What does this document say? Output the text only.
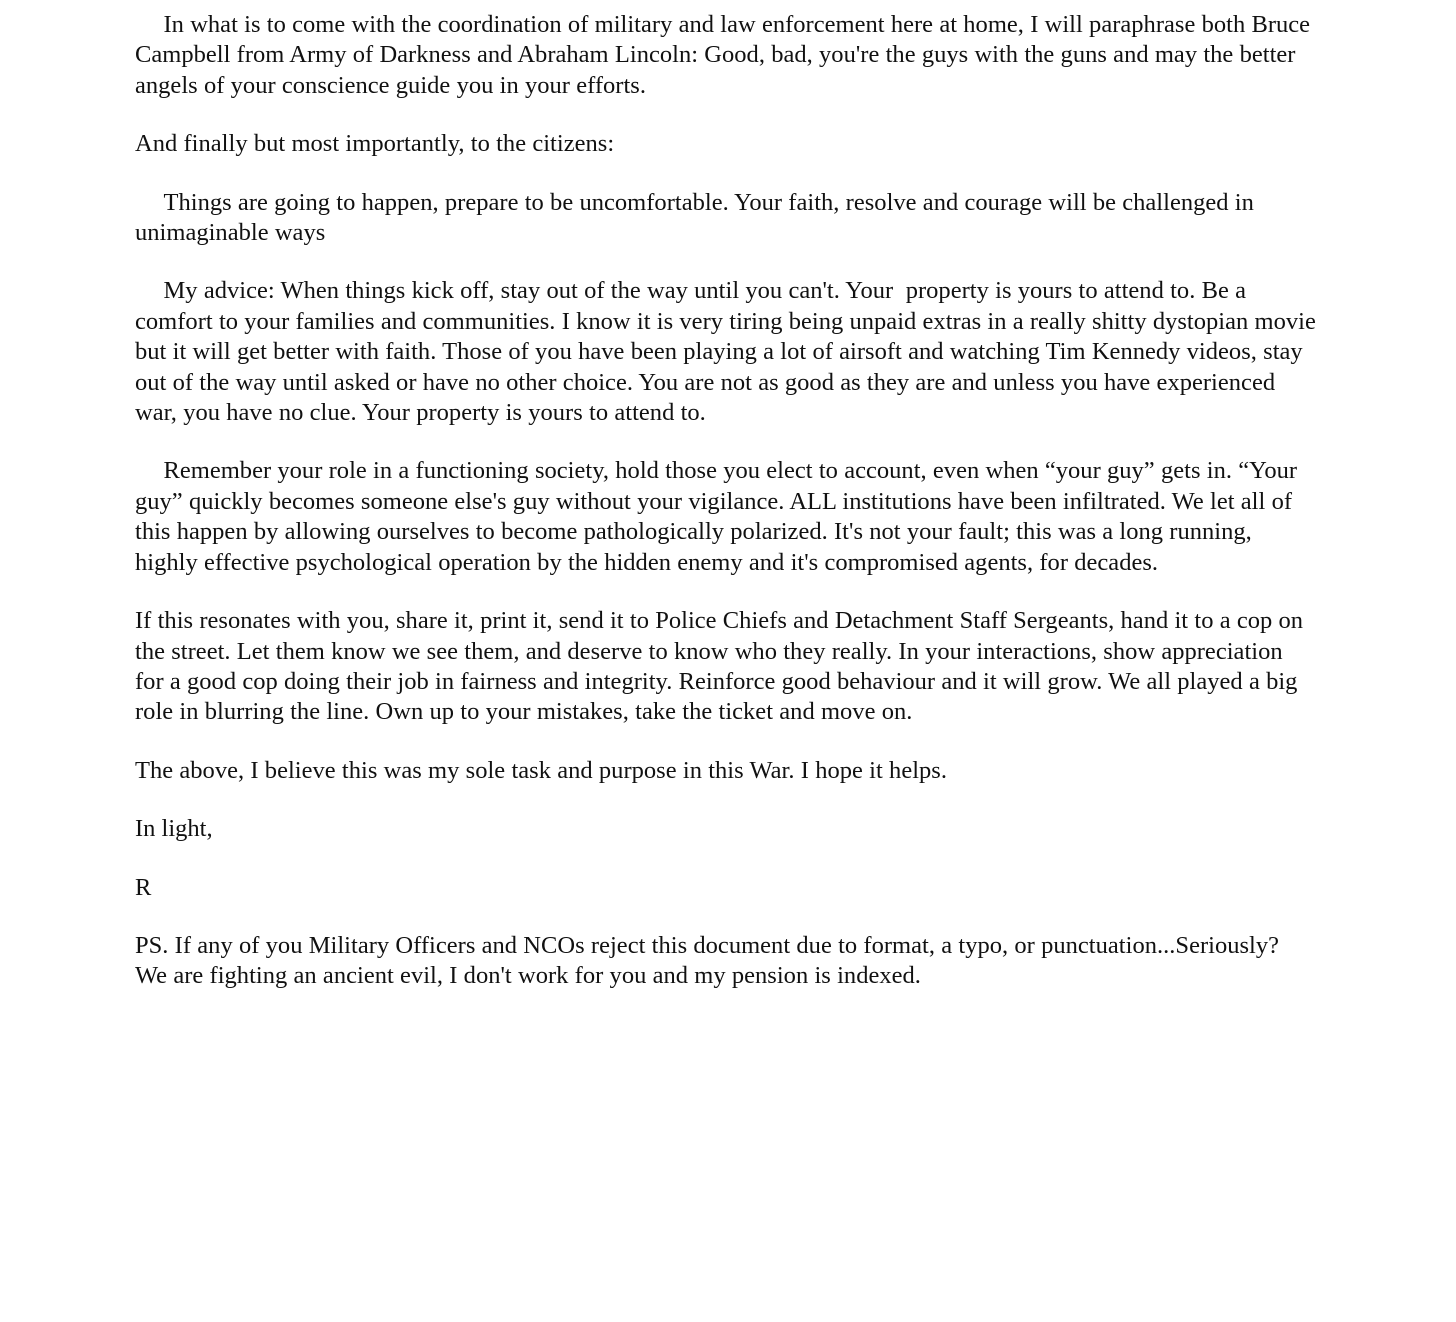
In what is to come with the coordination of military and law enforcement here at home, I will paraphrase both Bruce Campbell from Army of Darkness and Abraham Lincoln: Good, bad, you're the guys with the guns and may the better angels of your conscience guide you in your efforts.

And finally but most importantly, to the citizens:

Things are going to happen, prepare to be uncomfortable. Your faith, resolve and courage will be challenged in unimaginable ways

My advice: When things kick off, stay out of the way until you can't. Your  property is yours to attend to. Be a comfort to your families and communities. I know it is very tiring being unpaid extras in a really shitty dystopian movie but it will get better with faith. Those of you have been playing a lot of airsoft and watching Tim Kennedy videos, stay out of the way until asked or have no other choice. You are not as good as they are and unless you have experienced war, you have no clue. Your property is yours to attend to.

Remember your role in a functioning society, hold those you elect to account, even when “your guy” gets in. “Your guy” quickly becomes someone else's guy without your vigilance. ALL institutions have been infiltrated. We let all of this happen by allowing ourselves to become pathologically polarized. It's not your fault; this was a long running, highly effective psychological operation by the hidden enemy and it's compromised agents, for decades.

If this resonates with you, share it, print it, send it to Police Chiefs and Detachment Staff Sergeants, hand it to a cop on the street. Let them know we see them, and deserve to know who they really. In your interactions, show appreciation for a good cop doing their job in fairness and integrity. Reinforce good behaviour and it will grow. We all played a big role in blurring the line. Own up to your mistakes, take the ticket and move on.

The above, I believe this was my sole task and purpose in this War. I hope it helps.

In light,

R

PS. If any of you Military Officers and NCOs reject this document due to format, a typo, or punctuation...Seriously? We are fighting an ancient evil, I don't work for you and my pension is indexed.
